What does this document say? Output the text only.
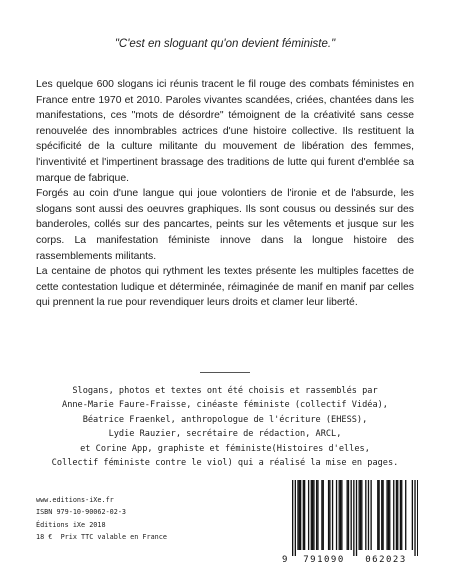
"C'est en sloguant qu'on devient féministe."

Les quelque 600 slogans ici réunis tracent le fil rouge des combats féministes en France entre 1970 et 2010. Paroles vivantes scandées, criées, chantées dans les manifestations, ces "mots de désordre" témoignent de la créativité sans cesse renouvelée des innombrables actrices d'une histoire collective. Ils restituent la spécificité de la culture militante du mouvement de libération des femmes, l'inventivité et l'impertinent brassage des traditions de lutte qui furent d'emblée sa marque de fabrique.

Forgés au coin d'une langue qui joue volontiers de l'ironie et de l'absurde, les slogans sont aussi des oeuvres graphiques. Ils sont cousus ou dessinés sur des banderoles, collés sur des pancartes, peints sur les vêtements et jusque sur les corps. La manifestation féministe innove dans la longue histoire des rassemblements militants.

La centaine de photos qui rythment les textes présente les multiples facettes de cette contestation ludique et déterminée, réimaginée de manif en manif par celles qui prennent la rue pour revendiquer leurs droits et clamer leur liberté.

Slogans, photos et textes ont été choisis et rassemblés par
Anne-Marie Faure-Fraisse, cinéaste féministe (collectif Vidéa),
Béatrice Fraenkel, anthropologue de l'écriture (EHESS),
Lydie Rauzier, secrétaire de rédaction, ARCL,
et Corine App, graphiste et féministe(Histoires d'elles,
Collectif féministe contre le viol) qui a réalisé la mise en pages.
www.editions-iXe.fr
ISBN 979-10-90062-02-3
Éditions iXe 2018
18 € Prix TTC valable en France
9	791090	062023
